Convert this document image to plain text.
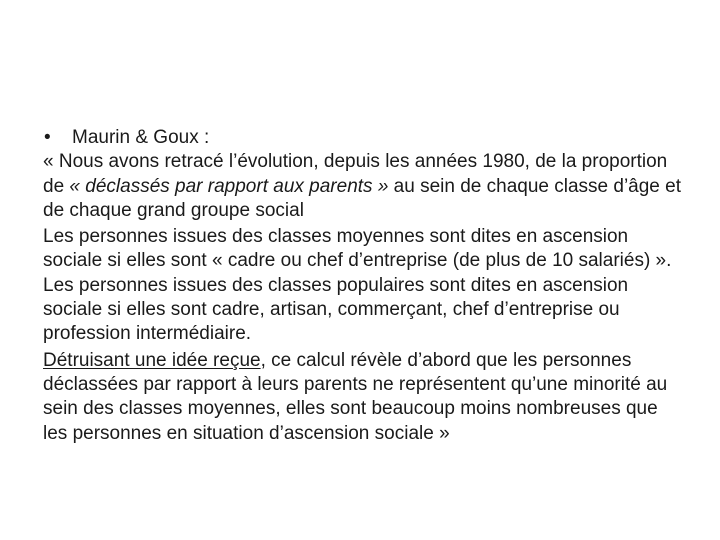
• Maurin & Goux :

« Nous avons retracé l’évolution, depuis les années 1980, de la proportion de « déclassés par rapport aux parents » au sein de chaque classe d’âge et de chaque grand groupe social

Les personnes issues des classes moyennes sont dites en ascension sociale si elles sont « cadre ou chef d’entreprise (de plus de 10 salariés) ». Les personnes issues des classes populaires sont dites en ascension sociale si elles sont cadre, artisan, commerçant, chef d’entreprise ou profession intermédiaire.

Détruisant une idée reçue, ce calcul révèle d’abord que les personnes déclassées par rapport à leurs parents ne représentent qu’une minorité au sein des classes moyennes, elles sont beaucoup moins nombreuses que les personnes en situation d’ascension sociale »
